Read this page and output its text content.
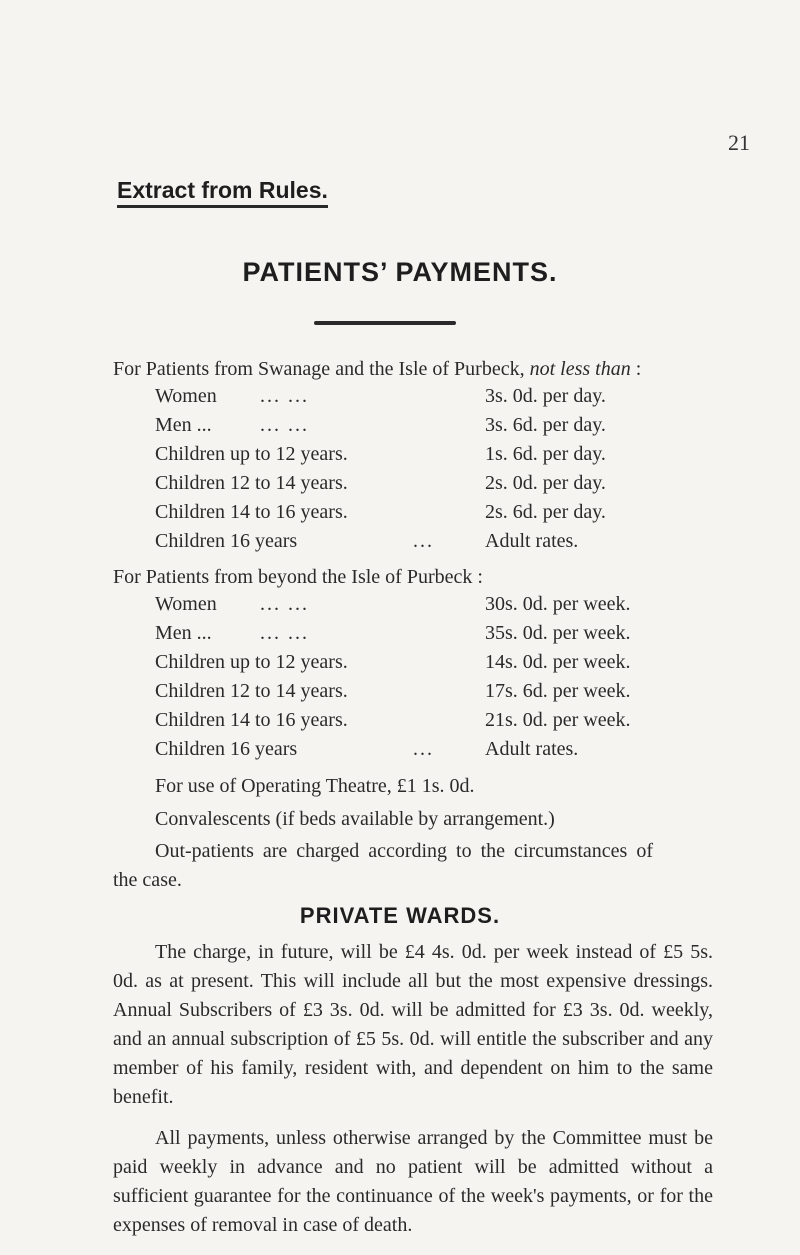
21
Extract from Rules.
PATIENTS’ PAYMENTS.
For Patients from Swanage and the Isle of Purbeck, not less than :
Women ... ...	3s. 0d. per day.
Men ... ... ...	3s. 6d. per day.
Children up to 12 years.	1s. 6d. per day.
Children 12 to 14 years.	2s. 0d. per day.
Children 14 to 16 years.	2s. 6d. per day.
Children 16 years	...	Adult rates.
For Patients from beyond the Isle of Purbeck :
Women ... ...	30s. 0d. per week.
Men ... ... ...	35s. 0d. per week.
Children up to 12 years.	14s. 0d. per week.
Children 12 to 14 years.	17s. 6d. per week.
Children 14 to 16 years.	21s. 0d. per week.
Children 16 years	...	Adult rates.
For use of Operating Theatre, £1 1s. 0d.
Convalescents (if beds available by arrangement.)
Out-patients are charged according to the circumstances of the case.
PRIVATE WARDS.
The charge, in future, will be £4 4s. 0d. per week instead of £5 5s. 0d. as at present. This will include all but the most expensive dressings. Annual Subscribers of £3 3s. 0d. will be admitted for £3 3s. 0d. weekly, and an annual subscription of £5 5s. 0d. will entitle the subscriber and any member of his family, resident with, and dependent on him to the same benefit.
All payments, unless otherwise arranged by the Committee must be paid weekly in advance and no patient will be admitted without a sufficient guarantee for the continuance of the week's payments, or for the expenses of removal in case of death.
